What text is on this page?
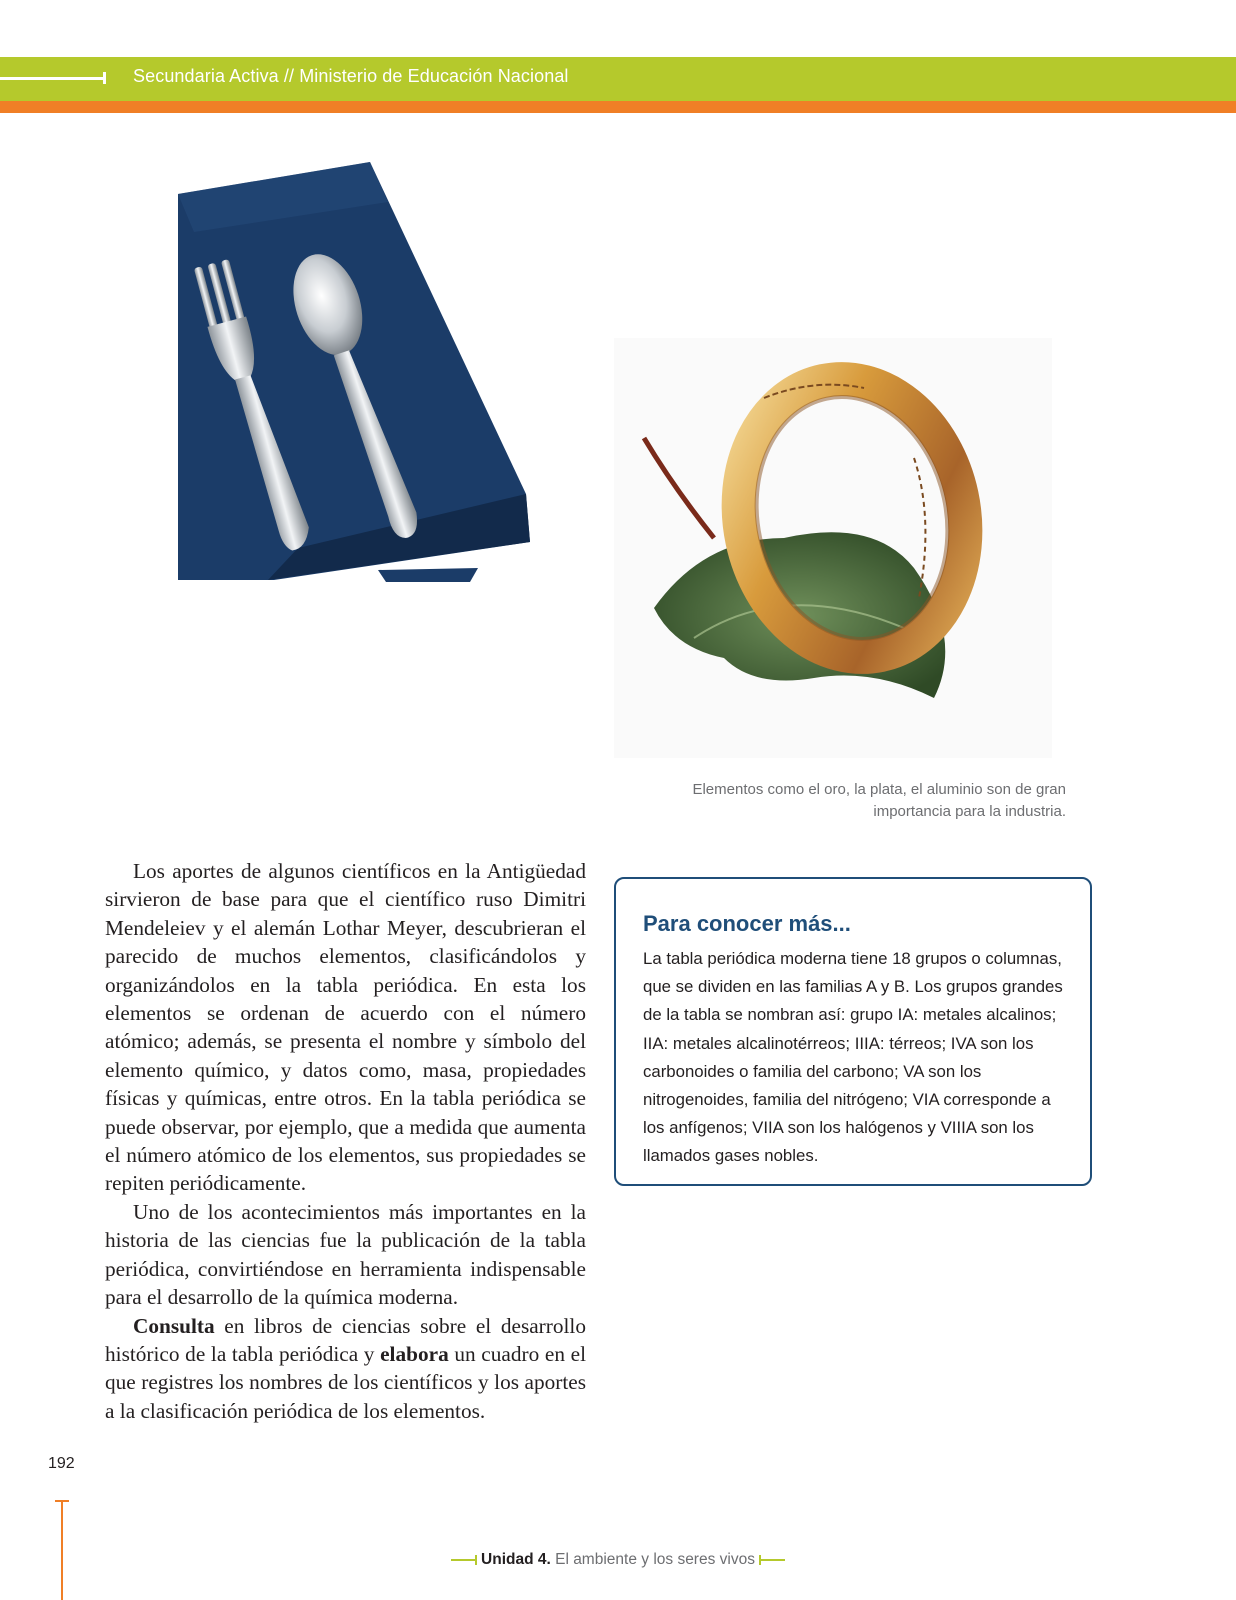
Secundaria Activa // Ministerio de Educación Nacional
Elementos como el oro, la plata, el aluminio son de gran importancia para la industria.

Los aportes de algunos científicos en la Antigüedad sirvieron de base para que el científico ruso Dimitri Mendeleiev y el alemán Lothar Meyer, descubrieran el parecido de muchos elementos, clasificándolos y organizándolos en la tabla periódica. En esta los elementos se ordenan de acuerdo con el número atómico; además, se presenta el nombre y símbolo del elemento químico, y datos como, masa, propiedades físicas y químicas, entre otros. En la tabla periódica se puede observar, por ejemplo, que a medida que aumenta el número atómico de los elementos, sus propiedades se repiten periódicamente.

Uno de los acontecimientos más importantes en la historia de las ciencias fue la publicación de la tabla periódica, convirtiéndose en herramienta indispensable para el desarrollo de la química moderna.

Consulta en libros de ciencias sobre el desarrollo histórico de la tabla periódica y elabora un cuadro en el que registres los nombres de los científicos y los aportes a la clasificación periódica de los elementos.

Para conocer más...
La tabla periódica moderna tiene 18 grupos o columnas, que se dividen en las familias A y B. Los grupos grandes de la tabla se nombran así: grupo IA: metales alcalinos; IIA: metales alcalinotérreos; IIIA: térreos; IVA son los carbonoides o familia del carbono; VA son los nitrogenoides, familia del nitrógeno; VIA corresponde a los anfígenos; VIIA son los halógenos y VIIIA son los llamados gases nobles.
192
Unidad 4. El ambiente y los seres vivos
